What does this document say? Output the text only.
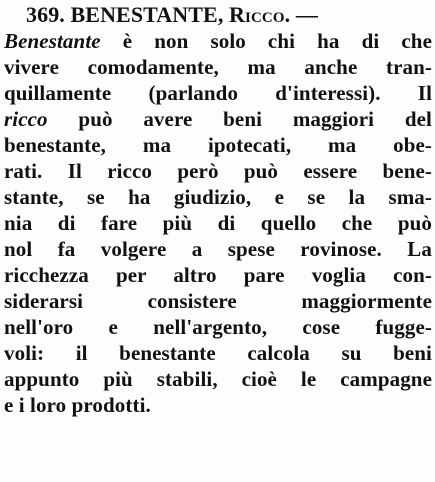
369. BENESTANTE, Ricco. —
Benestante è non solo chi ha di che
vivere comodamente, ma anche tran-
quillamente (parlando d'interessi). Il
ricco può avere beni maggiori del
benestante, ma ipotecati, ma obe-
rati. Il ricco però può essere bene-
stante, se ha giudizio, e se la sma-
nia di fare più di quello che può
nol fa volgere a spese rovinose. La
ricchezza per altro pare voglia con-
siderarsi consistere maggiormente
nell'oro e nell'argento, cose fugge-
voli: il benestante calcola su beni
appunto più stabili, cioè le campagne
e i loro prodotti.
